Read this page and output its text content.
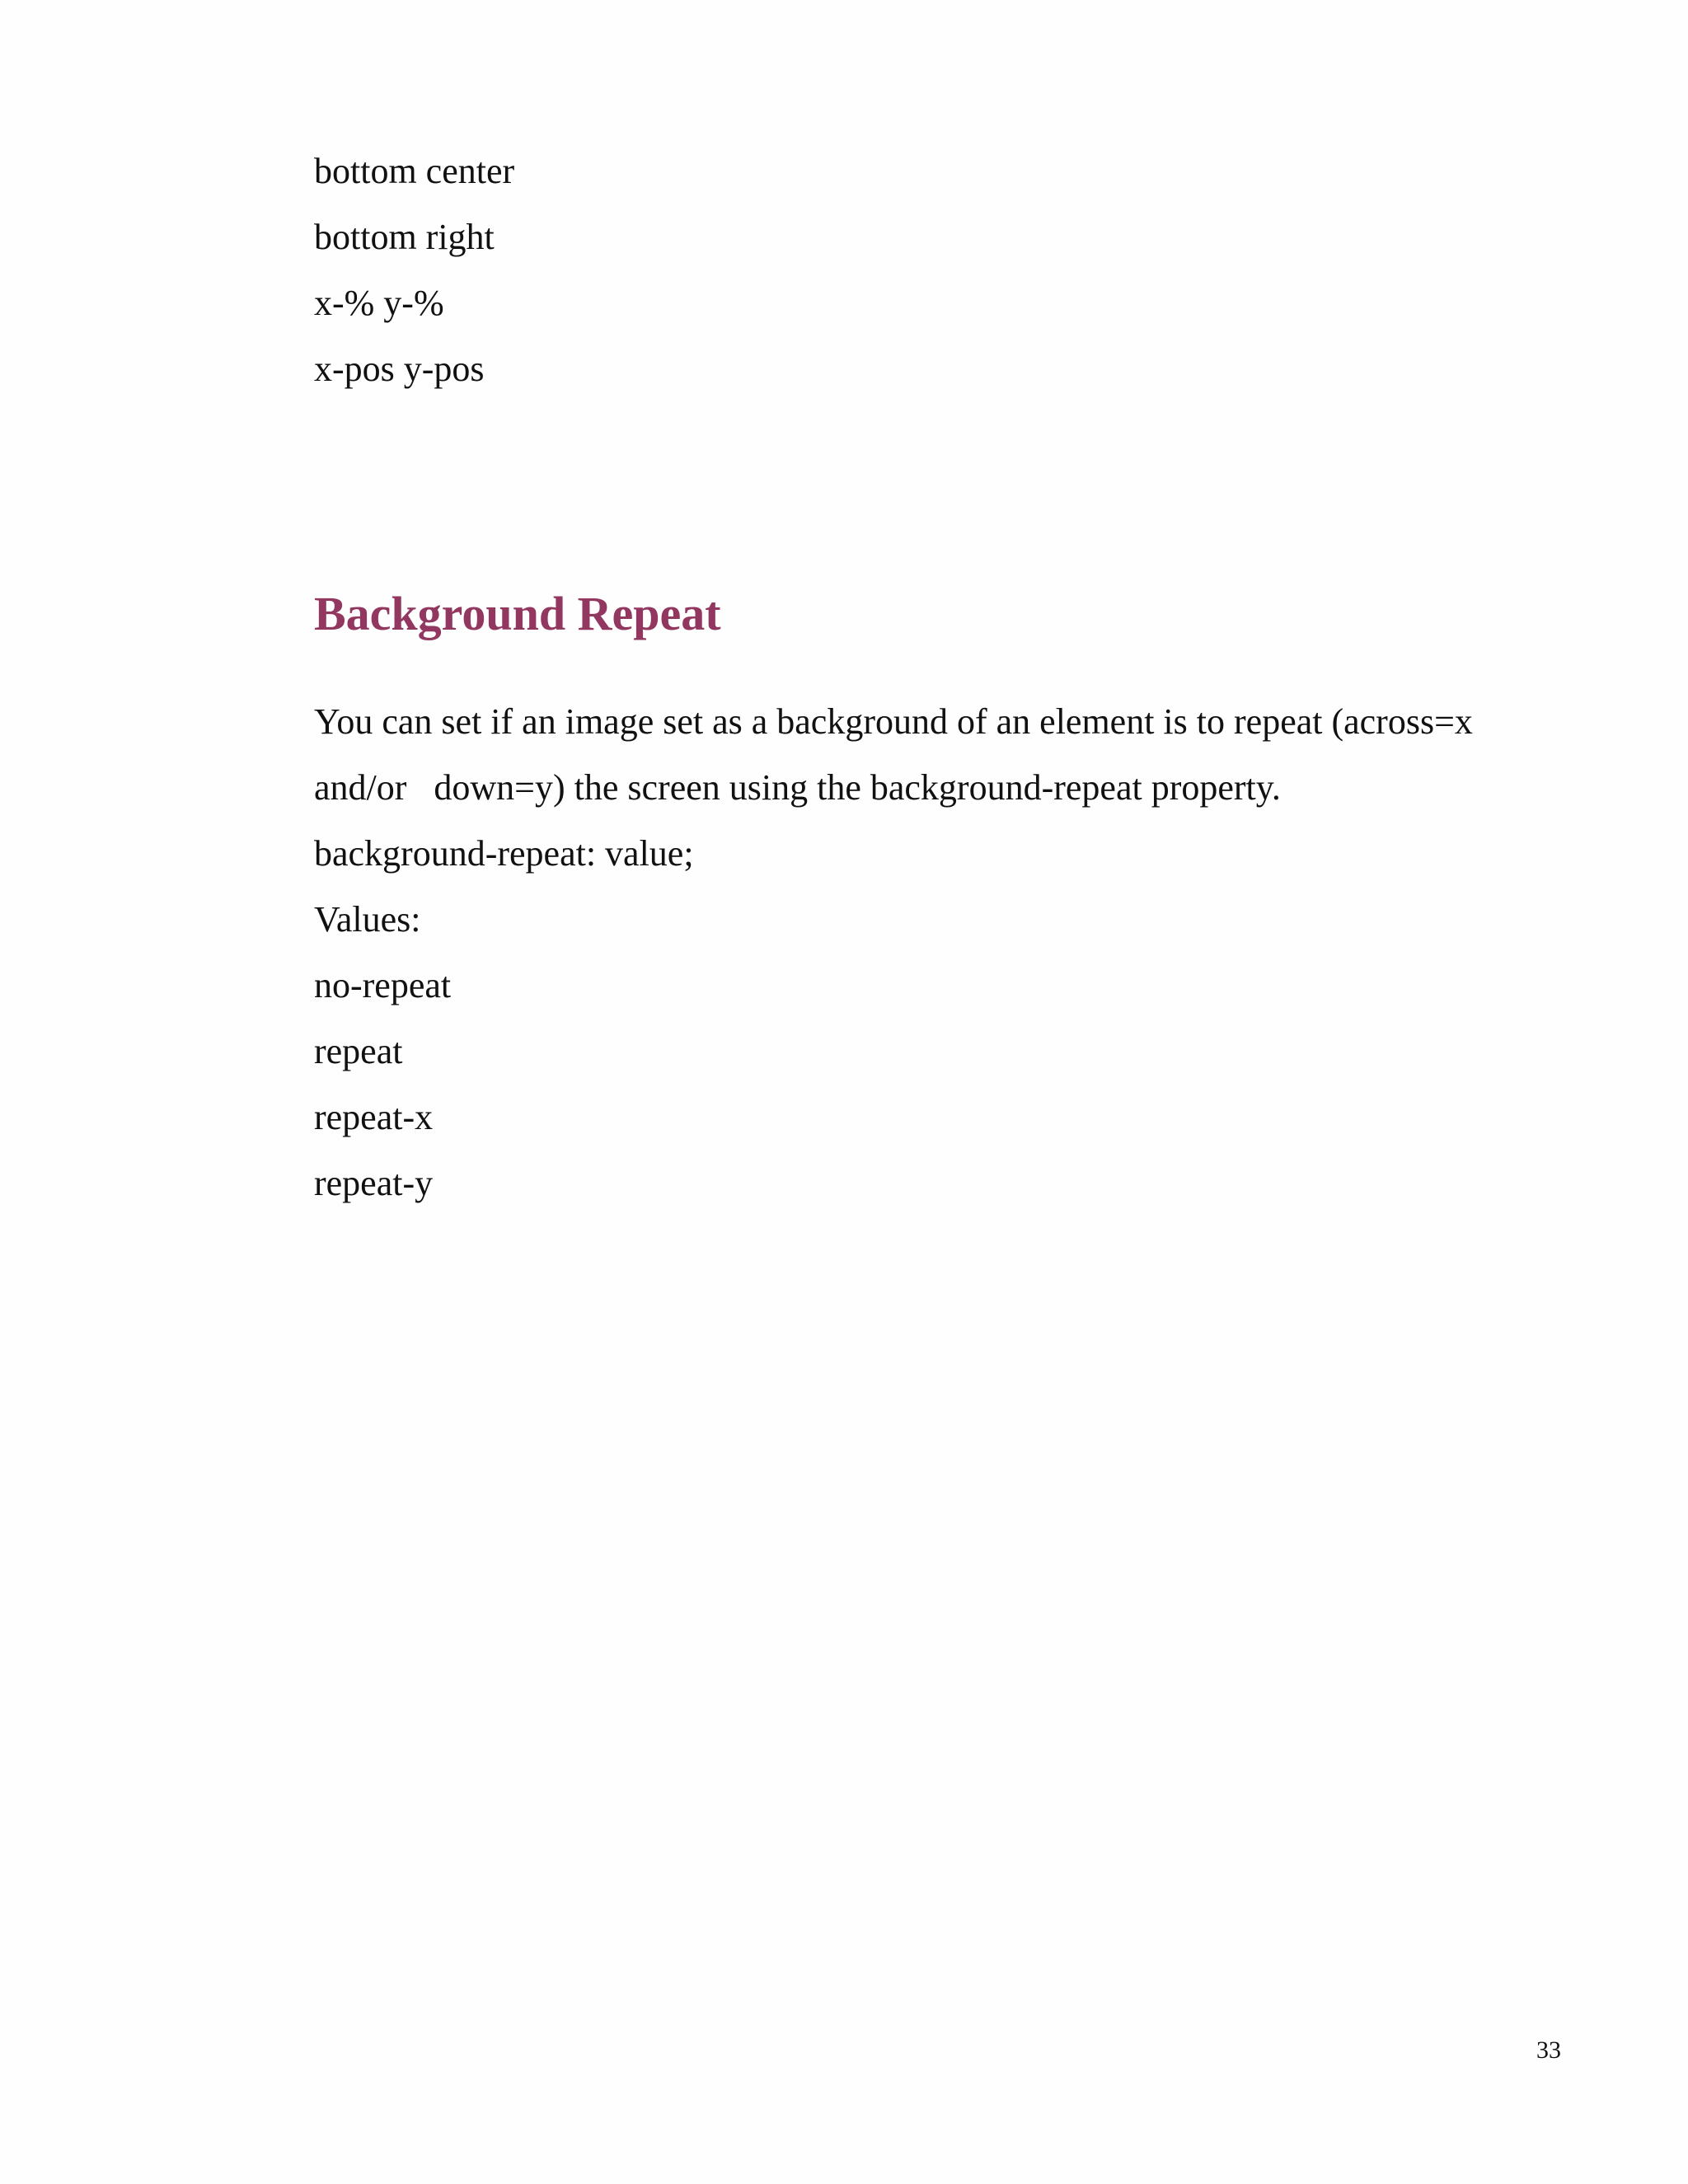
bottom center
bottom right
x-% y-%
x-pos y-pos
Background Repeat
You can set if an image set as a background of an element is to repeat (across=x
and/or   down=y) the screen using the background-repeat property.
background-repeat: value;
Values:
no-repeat
repeat
repeat-x
repeat-y
33
